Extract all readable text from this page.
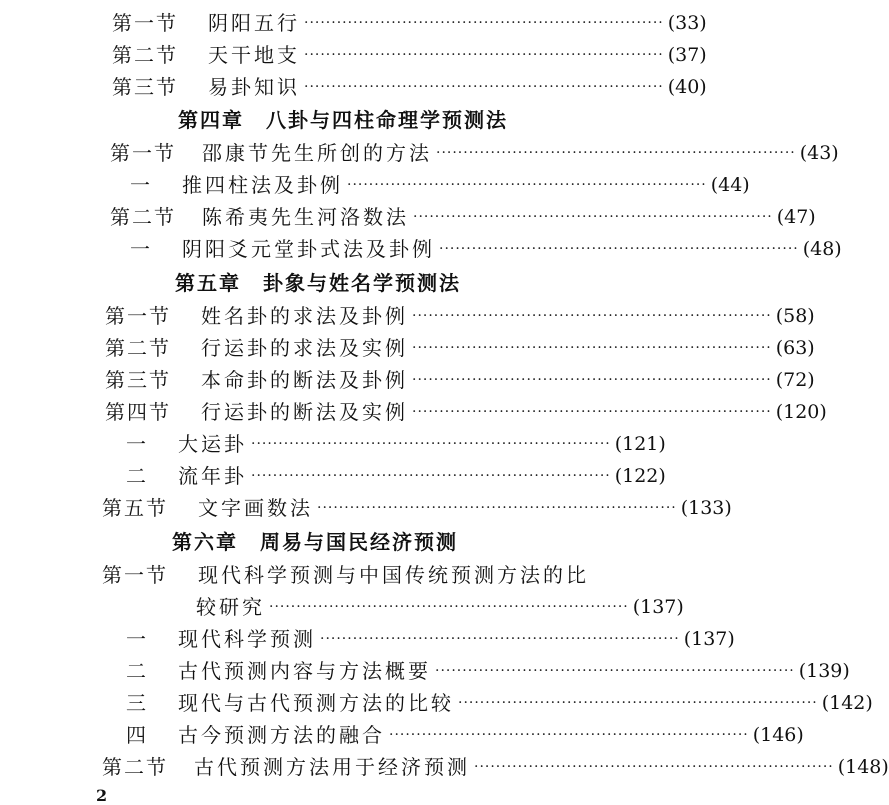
第一节 阴阳五行 ·································································· (33)
第二节 天干地支 ·································································· (37)
第三节 易卦知识 ·································································· (40)
第四章 八卦与四柱命理学预测法
第一节 邵康节先生所创的方法 ·································································· (43)
一 推四柱法及卦例 ·································································· (44)
第二节 陈希夷先生河洛数法 ·································································· (47)
一 阴阳爻元堂卦式法及卦例 ·································································· (48)
第五章 卦象与姓名学预测法
第一节 姓名卦的求法及卦例 ·································································· (58)
第二节 行运卦的求法及实例 ·································································· (63)
第三节 本命卦的断法及卦例 ·································································· (72)
第四节 行运卦的断法及实例 ·································································· (120)
一 大运卦 ·································································· (121)
二 流年卦 ·································································· (122)
第五节 文字画数法 ·································································· (133)
第六章 周易与国民经济预测
第一节 现代科学预测与中国传统预测方法的比
较研究 ·································································· (137)
一 现代科学预测 ·································································· (137)
二 古代预测内容与方法概要 ·································································· (139)
三 现代与古代预测方法的比较 ·································································· (142)
四 古今预测方法的融合 ·································································· (146)
第二节 古代预测方法用于经济预测 ·································································· (148)
2
